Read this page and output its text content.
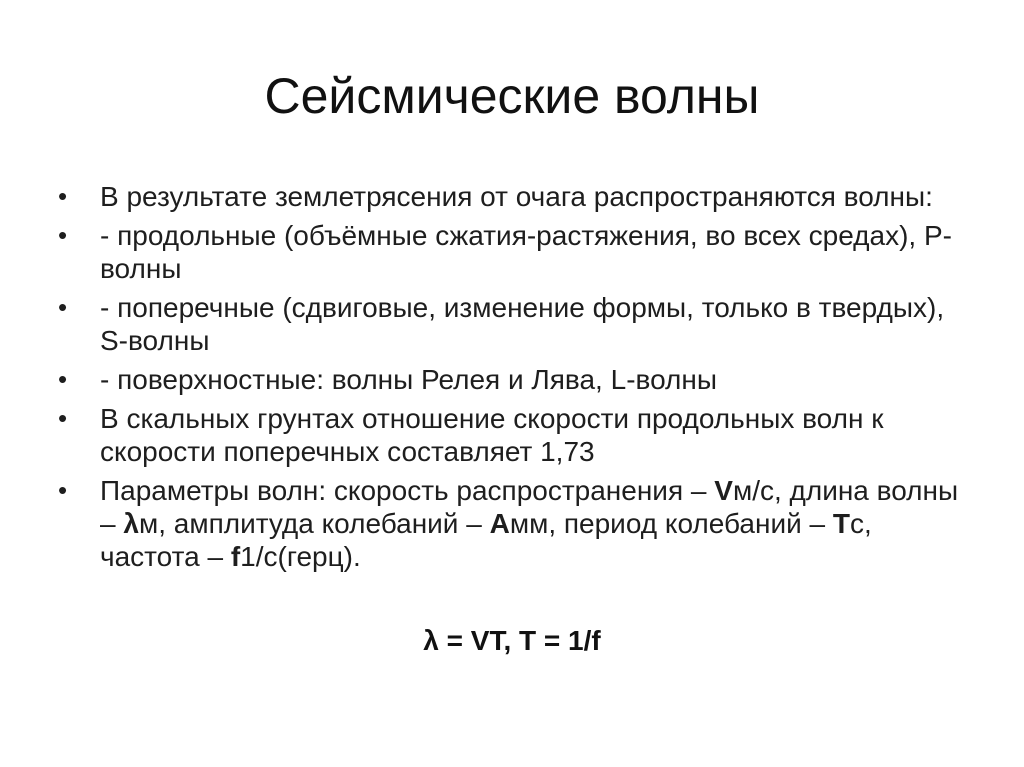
Сейсмические волны
•	В результате землетрясения от очага распространяются волны:
•	- продольные (объёмные сжатия-растяжения, во всех средах), P-волны
•	- поперечные (сдвиговые, изменение формы, только в твердых), S-волны
•	- поверхностные: волны Релея и Лява, L-волны
•	В скальных грунтах отношение скорости продольных волн к скорости поперечных составляет 1,73
•	Параметры волн: скорость распространения – Vм/с, длина волны – λм, амплитуда колебаний – Амм, период колебаний – Тс, частота – f1/с(герц).
λ = VT, T = 1/f
